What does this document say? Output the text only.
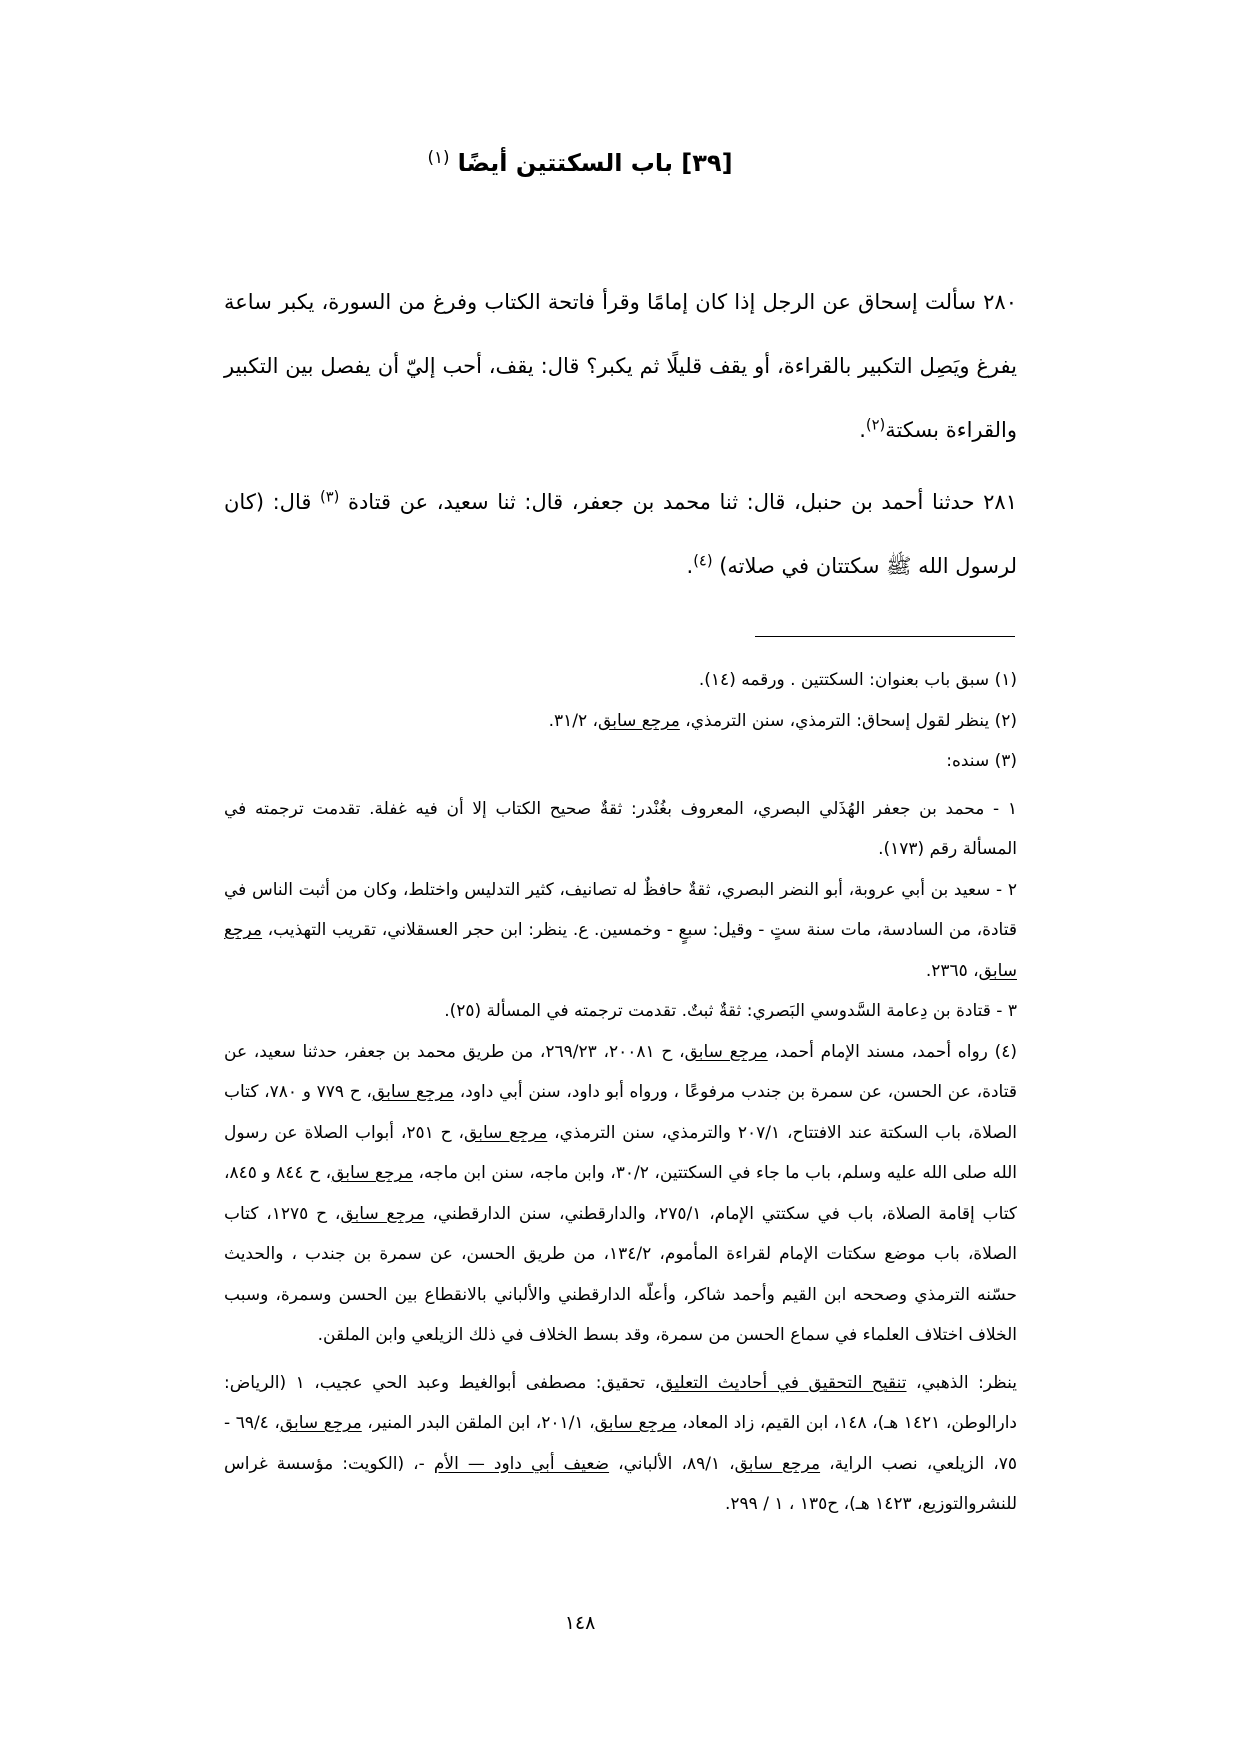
[٣٩] باب السكتتين أيضًا$^{(١)}$

٢٨٠ سألت إسحاق عن الرجل إذا كان إمامًا وقرأ فاتحة الكتاب وفرغ من السورة، يكبر ساعة يفرغ ويَصِل التكبير بالقراءة، أو يقف قليلًا ثم يكبر؟ قال: يقف، أحب إليّ أن يفصل بين التكبير والقراءة بسكتة$^{(٢)}$.

٢٨١ حدثنا أحمد بن حنبل، قال: ثنا محمد بن جعفر، قال: ثنا سعيد، عن قتادة $^{(٣)}$ قال: (كان لرسول الله ﷺ سكتتان في صلاته) $^{(٤)}$.

(١) سبق باب بعنوان: السكتتين . ورقمه (١٤).

(٢) ينظر لقول إسحاق: الترمذي، سنن الترمذي، مرجع سابق، ٣١/٢.

(٣) سنده:

١ - محمد بن جعفر الهُذَلي البصري، المعروف بغُنْدر: ثقةٌ صحيح الكتاب إلا أن فيه غفلة. تقدمت ترجمته في المسألة رقم (١٧٣).

٢ - سعيد بن أبي عروبة، أبو النضر البصري، ثقةٌ حافظٌ له تصانيف، كثير التدليس واختلط، وكان من أثبت الناس في قتادة، من السادسة، مات سنة ستٍ - وقيل: سبعٍ - وخمسين. ع. ينظر: ابن حجر العسقلاني، تقريب التهذيب، مرجع سابق، ٢٣٦٥.

٣ - قتادة بن دِعامة السَّدوسي البَصري: ثقةٌ ثبتٌ. تقدمت ترجمته في المسألة (٢٥).

(٤) رواه أحمد، مسند الإمام أحمد، مرجع سابق، ح ٢٠٠٨١، ٢٦٩/٢٣، من طريق محمد بن جعفر، حدثنا سعيد، عن قتادة، عن الحسن، عن سمرة بن جندب مرفوعًا ، ورواه أبو داود، سنن أبي داود، مرجع سابق، ح ٧٧٩ و ٧٨٠، كتاب الصلاة، باب السكتة عند الافتتاح، ٢٠٧/١ والترمذي، سنن الترمذي، مرجع سابق، ح ٢٥١، أبواب الصلاة عن رسول الله صلى الله عليه وسلم، باب ما جاء في السكتتين، ٣٠/٢، وابن ماجه، سنن ابن ماجه، مرجع سابق، ح ٨٤٤ و ٨٤٥، كتاب إقامة الصلاة، باب في سكتتي الإمام، ٢٧٥/١، والدارقطني، سنن الدارقطني، مرجع سابق، ح ١٢٧٥، كتاب الصلاة، باب موضع سكتات الإمام لقراءة المأموم، ١٣٤/٢، من طريق الحسن، عن سمرة بن جندب ، والحديث حسّنه الترمذي وصححه ابن القيم وأحمد شاكر، وأعلّه الدارقطني والألباني بالانقطاع بين الحسن وسمرة، وسبب الخلاف اختلاف العلماء في سماع الحسن من سمرة، وقد بسط الخلاف في ذلك الزيلعي وابن الملقن.

ينظر: الذهبي، تنقيح التحقيق في أحاديث التعليق، تحقيق: مصطفى أبوالغيط وعبد الحي عجيب، ١ (الرياض: دارالوطن، ١٤٢١ هـ)، ١٤٨، ابن القيم، زاد المعاد، مرجع سابق، ٢٠١/١، ابن الملقن البدر المنير، مرجع سابق، ٦٩/٤ - ٧٥، الزيلعي، نصب الراية، مرجع سابق، ٨٩/١، الألباني، ضعيف أبي داود — الأم -، (الكويت: مؤسسة غراس للنشروالتوزيع، ١٤٢٣ هـ)، ح١٣٥ ، ١ / ٢٩٩.

١٤٨
